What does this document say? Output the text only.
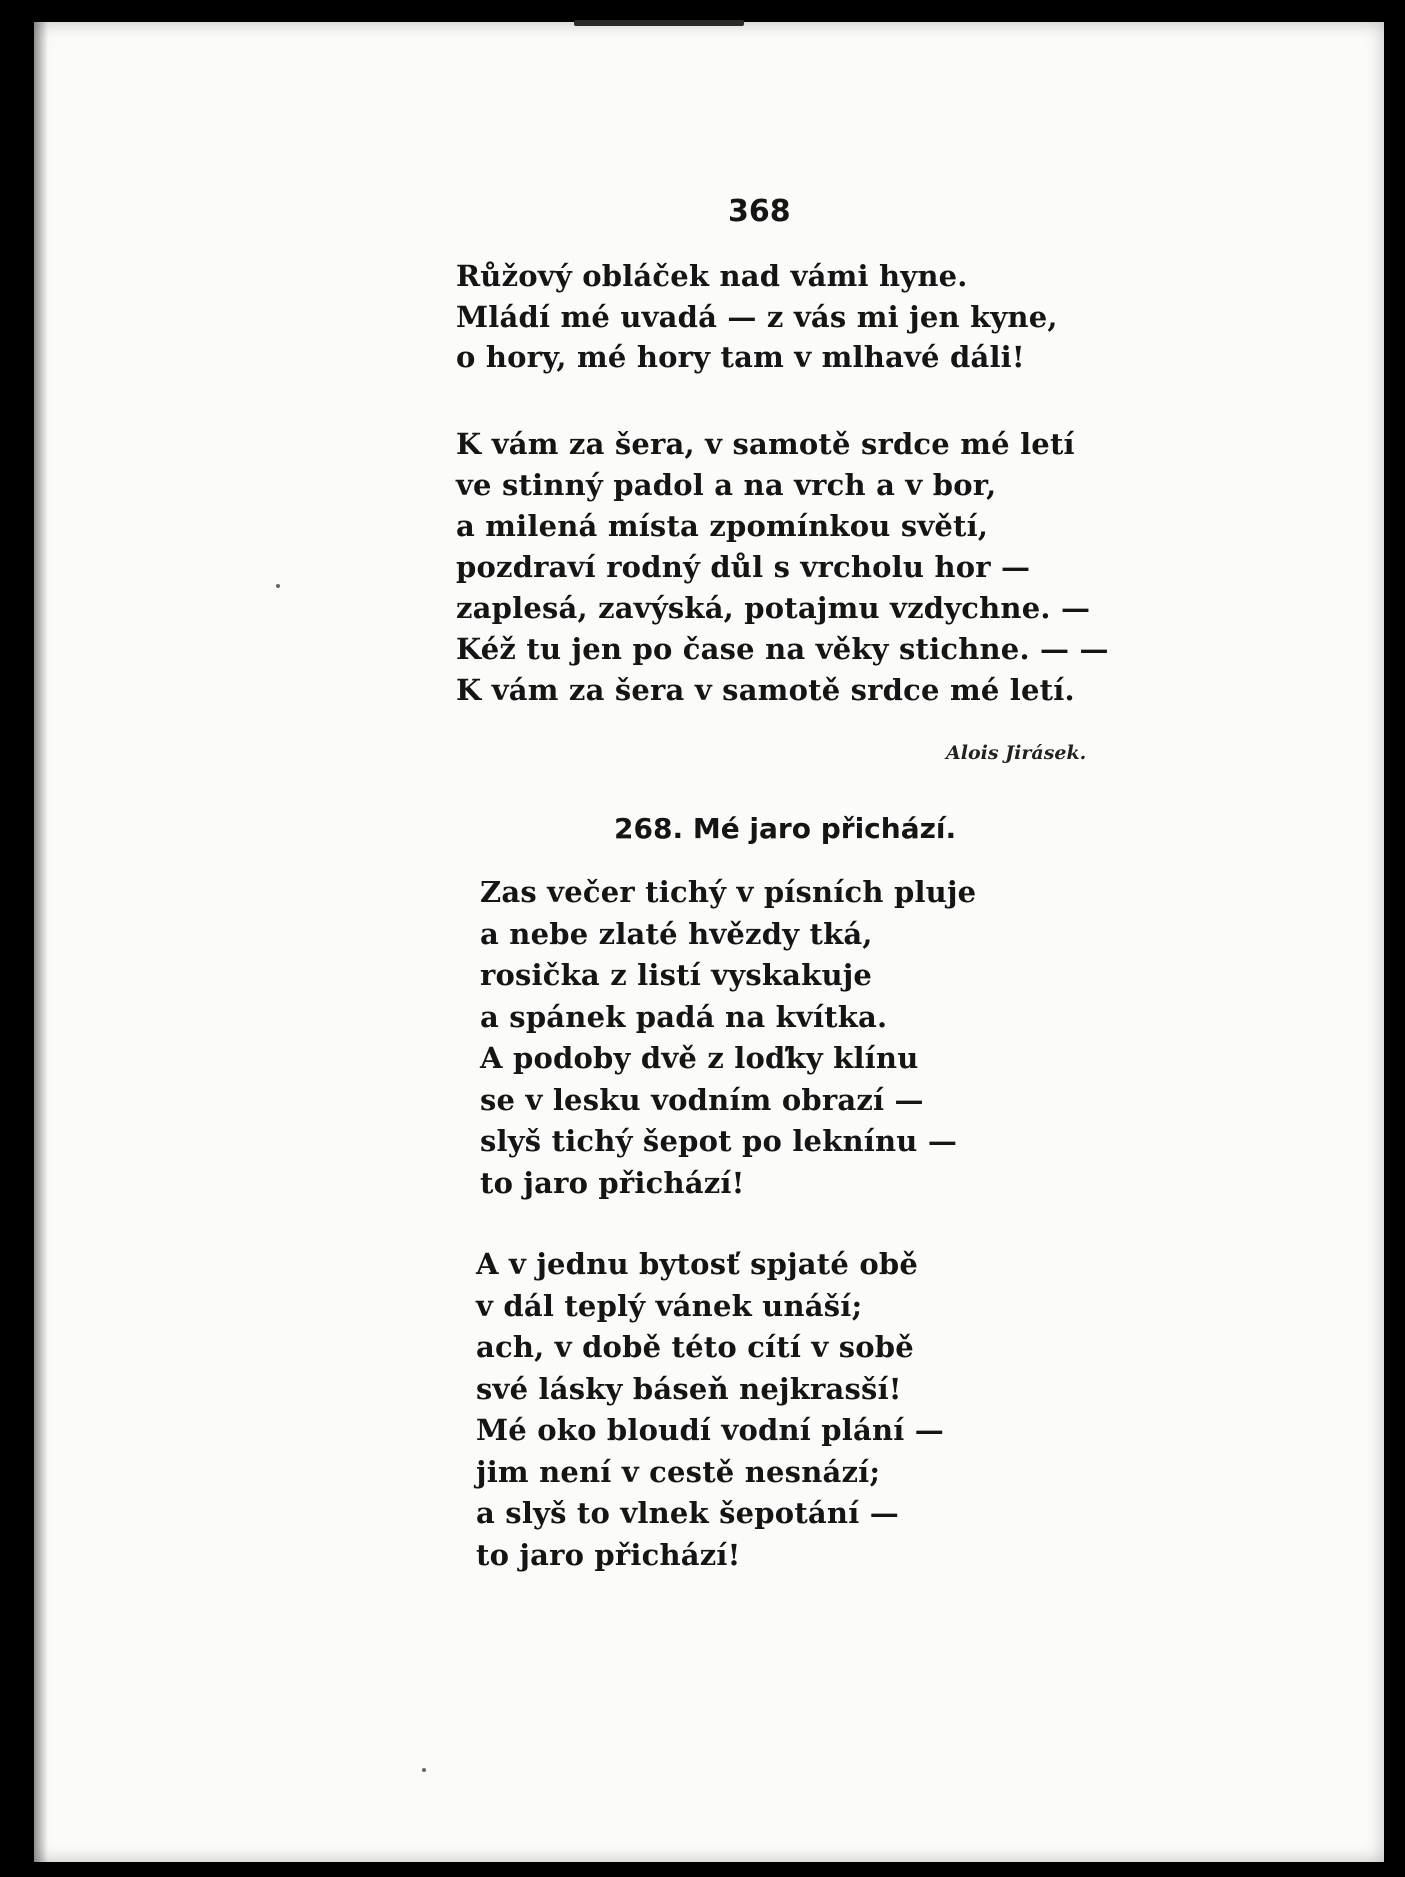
368
Růžový obláček nad vámi hyne.
Mládí mé uvadá — z vás mi jen kyne,
o hory, mé hory tam v mlhavé dáli!
K vám za šera, v samotě srdce mé letí
ve stinný padol a na vrch a v bor,
a milená místa zpomínkou světí,
pozdraví rodný důl s vrcholu hor —
zaplesá, zavýská, potajmu vzdychne. —
Kéž tu jen po čase na věky stichne. — —
K vám za šera v samotě srdce mé letí.
Alois Jirásek.
268. Mé jaro přichází.
Zas večer tichý v písních pluje
a nebe zlaté hvězdy tká,
rosička z listí vyskakuje
a spánek padá na kvítka.
A podoby dvě z loďky klínu
se v lesku vodním obrazí —
slyš tichý šepot po leknínu —
to jaro přichází!
A v jednu bytosť spjaté obě
v dál teplý vánek unáší;
ach, v době této cítí v sobě
své lásky báseň nejkrasší!
Mé oko bloudí vodní plání —
jim není v cestě nesnází;
a slyš to vlnek šepotání —
to jaro přichází!
